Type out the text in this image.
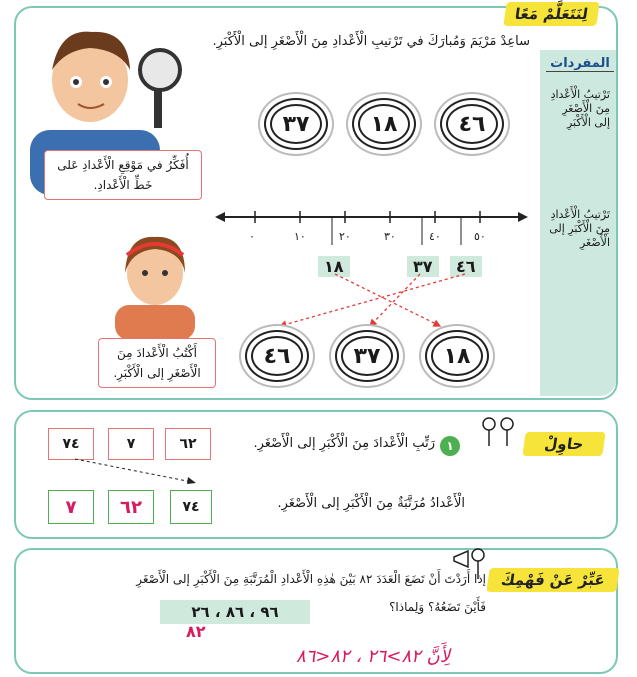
لِنَتَعَلَّمْ مَعًا
ساعِدْ مَرْيَمَ وَمُبارَكَ في تَرْتيبِ الْأَعْدادِ مِنَ الْأَصْغَرِ إلى الْأَكْبَرِ.
المفردات
تَرْتيبُ الْأَعْدادِ مِنَ الْأَصْغَرِ إلى الْأَكْبَرِ
تَرْتيبُ الْأَعْدادِ مِنَ الْأَكْبَرِ إلى الْأَصْغَرِ
أُفَكِّرُ في مَوْقِعِ الْأَعْدادِ عَلى خَطِّ الْأَعْدادِ.
أَكْتُبُ الْأَعْدادَ مِنَ الْأَصْغَرِ إلى الْأَكْبَرِ.
٤٦
١٨
٣٧
٠	١٠	٢٠	٣٠	٤٠	٥٠
٤٦
٣٧
١٨
١٨
٣٧
٤٦
حاوِلْ
١
رَتِّبِ الْأَعْدادَ مِنَ الْأَكْبَرِ إلى الْأَصْغَرِ.
٦٢
٧
٧٤
الْأَعْدادُ مُرَتَّبَةٌ مِنَ الْأَكْبَرِ إلى الْأَصْغَرِ.
٧٤
٦٢
٧
عَبِّرْ عَنْ فَهْمِكَ
إذا أَرَدْتَ أَنْ تَضَعَ الْعَدَدَ ٨٢ بَيْنَ هٰذِهِ الْأَعْدادِ الْمُرَتَّبَةِ مِنَ الْأَكْبَرِ إلى الْأَصْغَرِ
فَأَيْنَ تَضَعُهُ؟ وَلِماذا؟
٩٦ ، ٨٦ ، ٢٦
٨٢
لِأَنَّ ٨٢>٢٦ ، ٨٢<٨٦
